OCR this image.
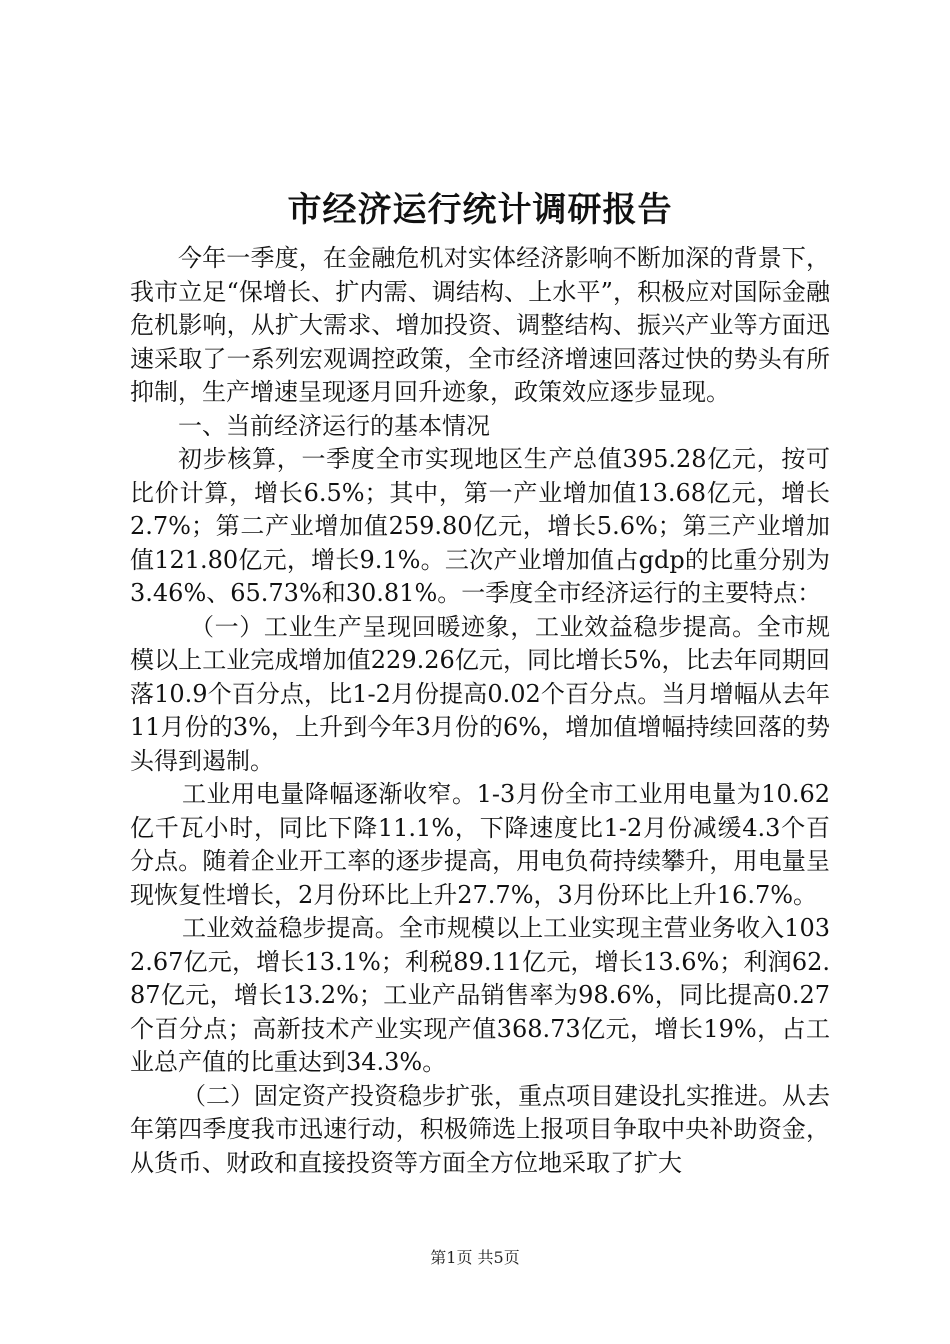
市经济运行统计调研报告

今年一季度，在金融危机对实体经济影响不断加深的背景下，我市立足“保增长、扩内需、调结构、上水平”，积极应对国际金融危机影响，从扩大需求、增加投资、调整结构、振兴产业等方面迅速采取了一系列宏观调控政策，全市经济增速回落过快的势头有所抑制，生产增速呈现逐月回升迹象，政策效应逐步显现。

一、当前经济运行的基本情况

初步核算，一季度全市实现地区生产总值395.28亿元，按可比价计算，增长6.5%；其中，第一产业增加值13.68亿元，增长2.7%；第二产业增加值259.80亿元，增长5.6%；第三产业增加值121.80亿元，增长9.1%。三次产业增加值占gdp的比重分别为3.46%、65.73%和30.81%。一季度全市经济运行的主要特点：

（一）工业生产呈现回暖迹象，工业效益稳步提高。全市规模以上工业完成增加值229.26亿元，同比增长5%，比去年同期回落10.9个百分点，比1-2月份提高0.02个百分点。当月增幅从去年11月份的3%，上升到今年3月份的6%，增加值增幅持续回落的势头得到遏制。

工业用电量降幅逐渐收窄。1-3月份全市工业用电量为10.62亿千瓦小时，同比下降11.1%，下降速度比1-2月份减缓4.3个百分点。随着企业开工率的逐步提高，用电负荷持续攀升，用电量呈现恢复性增长，2月份环比上升27.7%，3月份环比上升16.7%。

工业效益稳步提高。全市规模以上工业实现主营业务收入1032.67亿元，增长13.1%；利税89.11亿元，增长13.6%；利润62.87亿元，增长13.2%；工业产品销售率为98.6%，同比提高0.27个百分点；高新技术产业实现产值368.73亿元，增长19%，占工业总产值的比重达到34.3%。

（二）固定资产投资稳步扩张，重点项目建设扎实推进。从去年第四季度我市迅速行动，积极筛选上报项目争取中央补助资金，从货币、财政和直接投资等方面全方位地采取了扩大

第1页 共5页
